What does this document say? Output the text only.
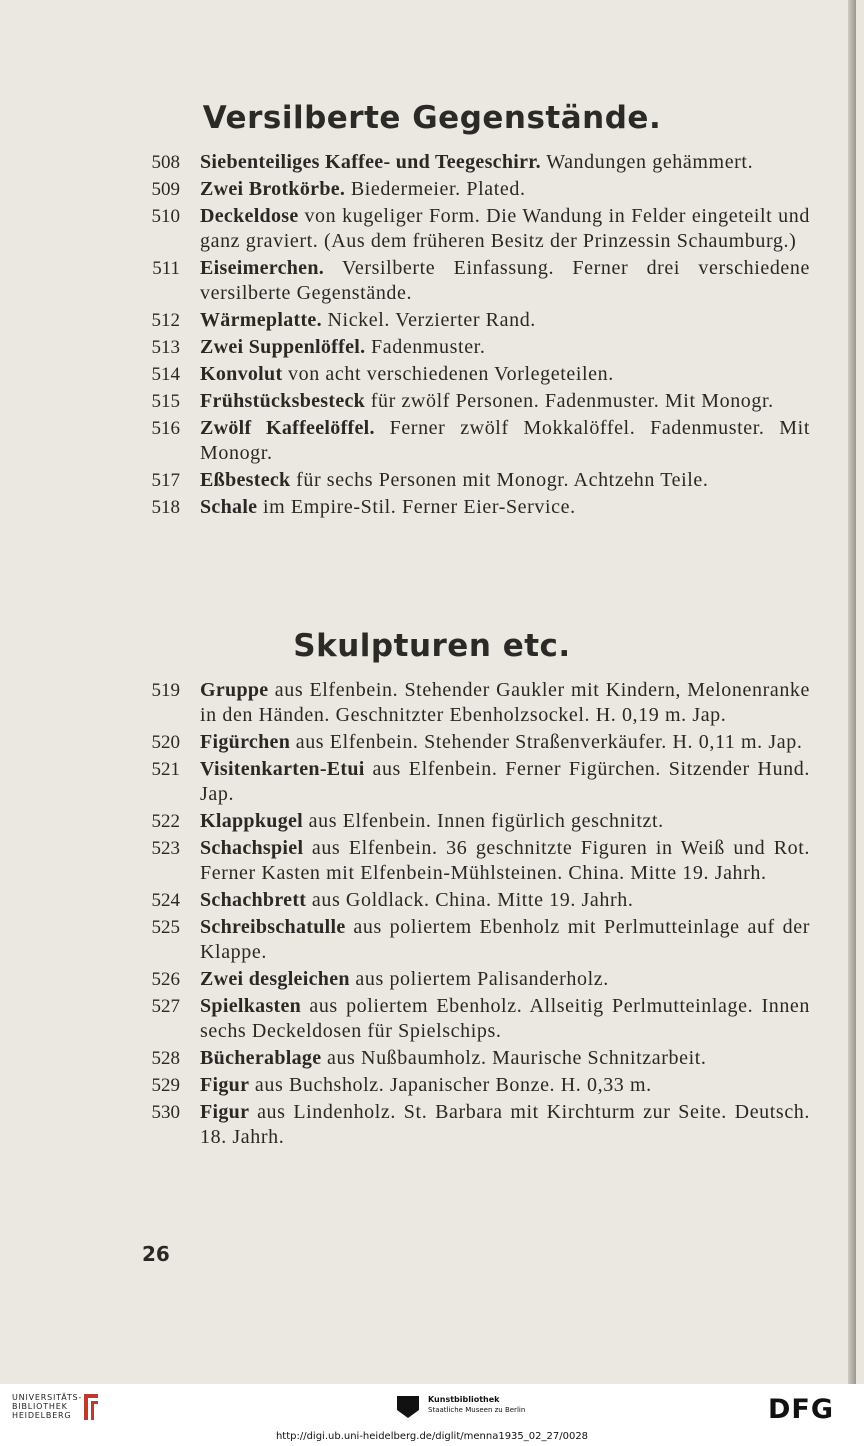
Versilberte Gegenstände.
508 Siebenteiliges Kaffee- und Teegeschirr. Wandungen gehämmert.
509 Zwei Brotkörbe. Biedermeier. Plated.
510 Deckeldose von kugeliger Form. Die Wandung in Felder eingeteilt und ganz graviert. (Aus dem früheren Besitz der Prinzessin Schaumburg.)
511 Eiseimerchen. Versilberte Einfassung. Ferner drei verschiedene versilberte Gegenstände.
512 Wärmeplatte. Nickel. Verzierter Rand.
513 Zwei Suppenlöffel. Fadenmuster.
514 Konvolut von acht verschiedenen Vorlegeteilen.
515 Frühstücksbesteck für zwölf Personen. Fadenmuster. Mit Monogr.
516 Zwölf Kaffeelöffel. Ferner zwölf Mokkalöffel. Fadenmuster. Mit Monogr.
517 Eßbesteck für sechs Personen mit Monogr. Achtzehn Teile.
518 Schale im Empire-Stil. Ferner Eier-Service.
Skulpturen etc.
519 Gruppe aus Elfenbein. Stehender Gaukler mit Kindern, Melonenranke in den Händen. Geschnitzter Ebenholzsockel. H. 0,19 m. Jap.
520 Figürchen aus Elfenbein. Stehender Straßenverkäufer. H. 0,11 m. Jap.
521 Visitenkarten-Etui aus Elfenbein. Ferner Figürchen. Sitzender Hund. Jap.
522 Klappkugel aus Elfenbein. Innen figürlich geschnitzt.
523 Schachspiel aus Elfenbein. 36 geschnitzte Figuren in Weiß und Rot. Ferner Kasten mit Elfenbein-Mühlsteinen. China. Mitte 19. Jahrh.
524 Schachbrett aus Goldlack. China. Mitte 19. Jahrh.
525 Schreibschatulle aus poliertem Ebenholz mit Perlmutteinlage auf der Klappe.
526 Zwei desgleichen aus poliertem Palisanderholz.
527 Spielkasten aus poliertem Ebenholz. Allseitig Perlmutteinlage. Innen sechs Deckeldosen für Spielschips.
528 Bücherablage aus Nußbaumholz. Maurische Schnitzarbeit.
529 Figur aus Buchsholz. Japanischer Bonze. H. 0,33 m.
530 Figur aus Lindenholz. St. Barbara mit Kirchturm zur Seite. Deutsch. 18. Jahrh.
26
UNIVERSITÄTS-
BIBLIOTHEK
HEIDELBERG
Kunstbibliothek
Staatliche Museen zu Berlin	DFG
http://digi.ub.uni-heidelberg.de/diglit/menna1935_02_27/0028
